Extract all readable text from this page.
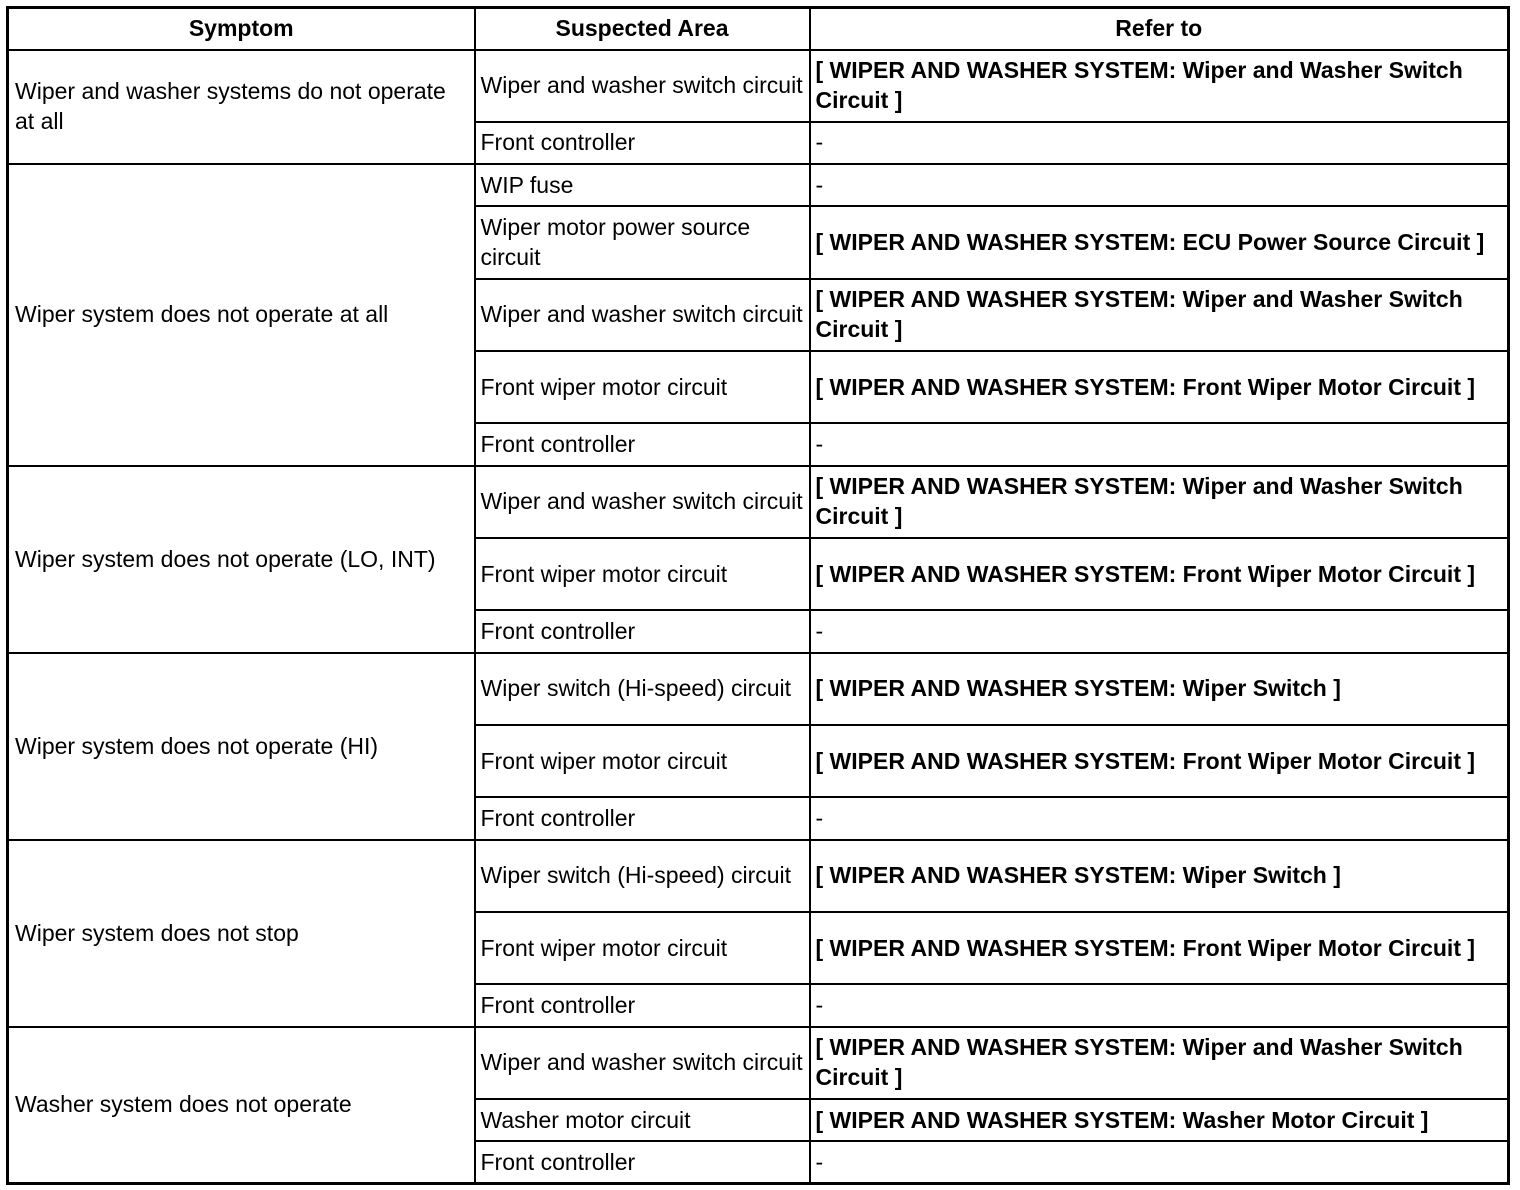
Symptom	Suspected Area	Refer to
Wiper and washer systems do not operate at all	Wiper and washer switch circuit	[ WIPER AND WASHER SYSTEM: Wiper and Washer Switch Circuit ]
	Front controller	-
Wiper system does not operate at all	WIP fuse	-
	Wiper motor power source circuit	[ WIPER AND WASHER SYSTEM: ECU Power Source Circuit ]
	Wiper and washer switch circuit	[ WIPER AND WASHER SYSTEM: Wiper and Washer Switch Circuit ]
	Front wiper motor circuit	[ WIPER AND WASHER SYSTEM: Front Wiper Motor Circuit ]
	Front controller	-
Wiper system does not operate (LO, INT)	Wiper and washer switch circuit	[ WIPER AND WASHER SYSTEM: Wiper and Washer Switch Circuit ]
	Front wiper motor circuit	[ WIPER AND WASHER SYSTEM: Front Wiper Motor Circuit ]
	Front controller	-
Wiper system does not operate (HI)	Wiper switch (Hi-speed) circuit	[ WIPER AND WASHER SYSTEM: Wiper Switch ]
	Front wiper motor circuit	[ WIPER AND WASHER SYSTEM: Front Wiper Motor Circuit ]
	Front controller	-
Wiper system does not stop	Wiper switch (Hi-speed) circuit	[ WIPER AND WASHER SYSTEM: Wiper Switch ]
	Front wiper motor circuit	[ WIPER AND WASHER SYSTEM: Front Wiper Motor Circuit ]
	Front controller	-
Washer system does not operate	Wiper and washer switch circuit	[ WIPER AND WASHER SYSTEM: Wiper and Washer Switch Circuit ]
	Washer motor circuit	[ WIPER AND WASHER SYSTEM: Washer Motor Circuit ]
	Front controller	-
